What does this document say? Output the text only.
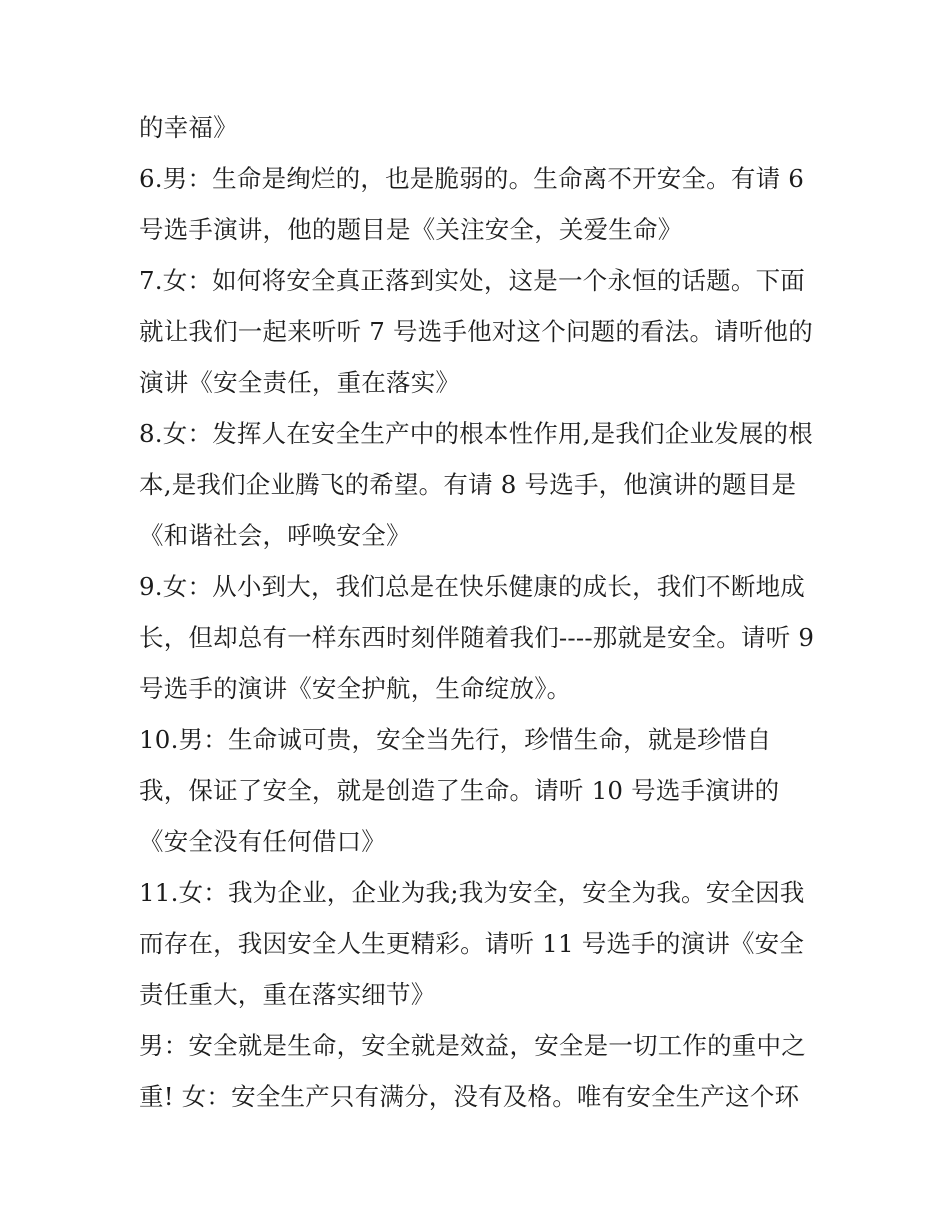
的幸福》
6.男：生命是绚烂的，也是脆弱的。生命离不开安全。有请 6
号选手演讲，他的题目是《关注安全，关爱生命》
7.女：如何将安全真正落到实处，这是一个永恒的话题。下面
就让我们一起来听听 7 号选手他对这个问题的看法。请听他的
演讲《安全责任，重在落实》
8.女：发挥人在安全生产中的根本性作用,是我们企业发展的根
本,是我们企业腾飞的希望。有请 8 号选手，他演讲的题目是
《和谐社会，呼唤安全》
9.女：从小到大，我们总是在快乐健康的成长，我们不断地成
长，但却总有一样东西时刻伴随着我们----那就是安全。请听 9
号选手的演讲《安全护航，生命绽放》。
10.男：生命诚可贵，安全当先行，珍惜生命，就是珍惜自
我，保证了安全，就是创造了生命。请听 10 号选手演讲的
《安全没有任何借口》
11.女：我为企业，企业为我;我为安全，安全为我。安全因我
而存在，我因安全人生更精彩。请听 11 号选手的演讲《安全
责任重大，重在落实细节》
男：安全就是生命，安全就是效益，安全是一切工作的重中之
重! 女：安全生产只有满分，没有及格。唯有安全生产这个环
